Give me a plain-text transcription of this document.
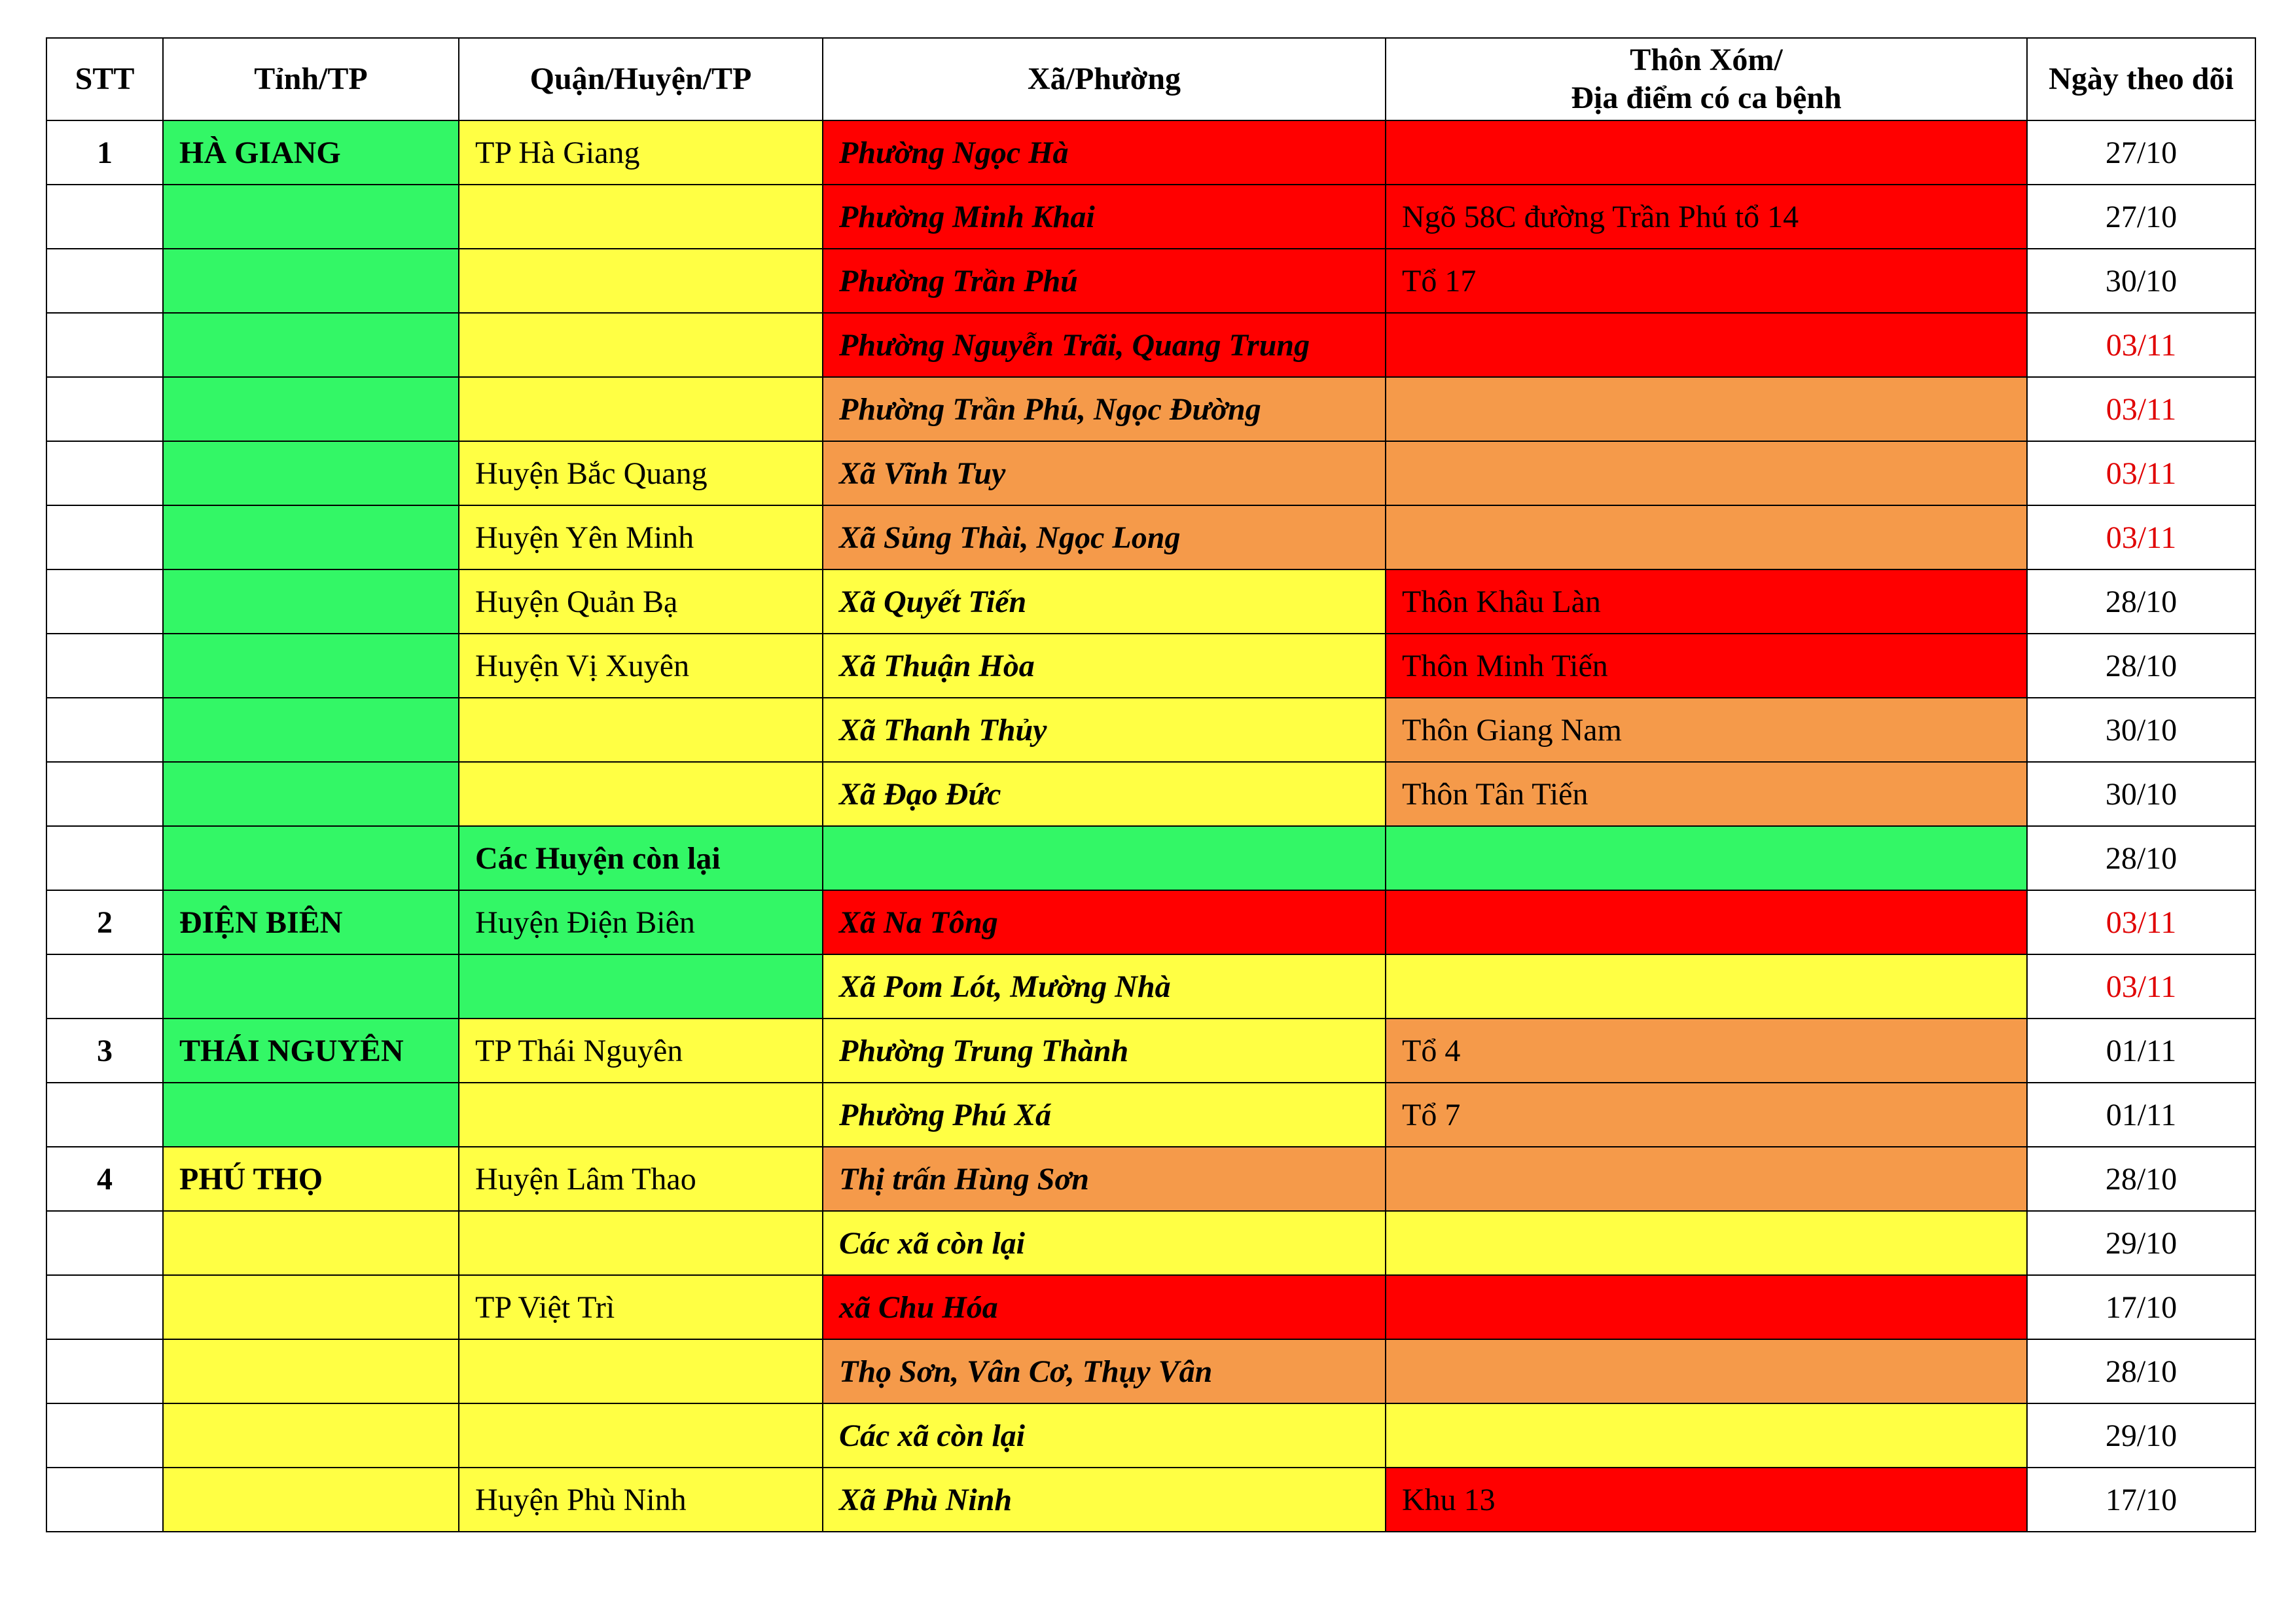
STT	Tỉnh/TP	Quận/Huyện/TP	Xã/Phường	Thôn Xóm/
Địa điểm có ca bệnh	Ngày theo dõi
1	HÀ GIANG	TP Hà Giang	Phường Ngọc Hà		27/10
			Phường Minh Khai	Ngõ 58C đường Trần Phú tổ 14	27/10
			Phường Trần Phú	Tổ 17	30/10
			Phường Nguyễn Trãi, Quang Trung		03/11
			Phường Trần Phú, Ngọc Đường		03/11
		Huyện Bắc Quang	Xã Vĩnh Tuy		03/11
		Huyện Yên Minh	Xã Sủng Thài, Ngọc Long		03/11
		Huyện Quản Bạ	Xã Quyết Tiến	Thôn Khâu Làn	28/10
		Huyện Vị Xuyên	Xã Thuận Hòa	Thôn Minh Tiến	28/10
			Xã Thanh Thủy	Thôn Giang Nam	30/10
			Xã Đạo Đức	Thôn Tân Tiến	30/10
		Các Huyện còn lại			28/10
2	ĐIỆN BIÊN	Huyện Điện Biên	Xã Na Tông		03/11
			Xã Pom Lót, Mường Nhà		03/11
3	THÁI NGUYÊN	TP Thái Nguyên	Phường Trung Thành	Tổ 4	01/11
			Phường Phú Xá	Tổ 7	01/11
4	PHÚ THỌ	Huyện Lâm Thao	Thị trấn Hùng Sơn		28/10
			Các xã còn lại		29/10
		TP Việt Trì	xã Chu Hóa		17/10
			Thọ Sơn, Vân Cơ, Thụy Vân		28/10
			Các xã còn lại		29/10
		Huyện Phù Ninh	Xã Phù Ninh	Khu 13	17/10
